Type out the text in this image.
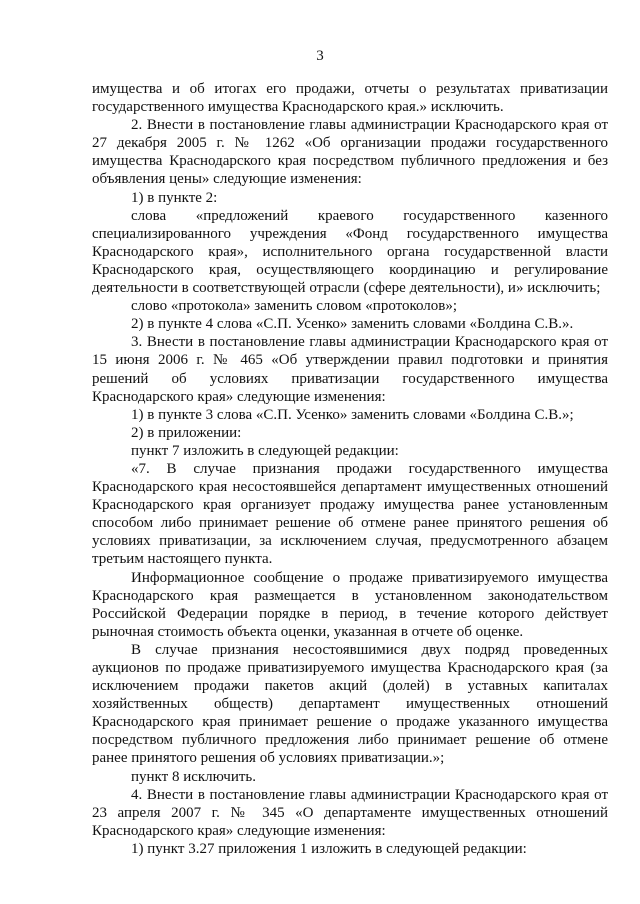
3

имущества и об итогах его продажи, отчеты о результатах приватизации государственного имущества Краснодарского края.» исключить.

2. Внести в постановление главы администрации Краснодарского края от 27 декабря 2005 г. № 1262 «Об организации продажи государственного имущества Краснодарского края посредством публичного предложения и без объявления цены» следующие изменения:

1) в пункте 2:

слова «предложений краевого государственного казенного специализированного учреждения «Фонд государственного имущества Краснодарского края», исполнительного органа государственной власти Краснодарского края, осуществляющего координацию и регулирование деятельности в соответствующей отрасли (сфере деятельности), и» исключить;

слово «протокола» заменить словом «протоколов»;

2) в пункте 4 слова «С.П. Усенко» заменить словами «Болдина С.В.».

3. Внести в постановление главы администрации Краснодарского края от 15 июня 2006 г. № 465 «Об утверждении правил подготовки и принятия решений об условиях приватизации государственного имущества Краснодарского края» следующие изменения:

1) в пункте 3 слова «С.П. Усенко» заменить словами «Болдина С.В.»;

2) в приложении:

пункт 7 изложить в следующей редакции:

«7. В случае признания продажи государственного имущества Краснодарского края несостоявшейся департамент имущественных отношений Краснодарского края организует продажу имущества ранее установленным способом либо принимает решение об отмене ранее принятого решения об условиях приватизации, за исключением случая, предусмотренного абзацем третьим настоящего пункта.

Информационное сообщение о продаже приватизируемого имущества Краснодарского края размещается в установленном законодательством Российской Федерации порядке в период, в течение которого действует рыночная стоимость объекта оценки, указанная в отчете об оценке.

В случае признания несостоявшимися двух подряд проведенных аукционов по продаже приватизируемого имущества Краснодарского края (за исключением продажи пакетов акций (долей) в уставных капиталах хозяйственных обществ) департамент имущественных отношений Краснодарского края принимает решение о продаже указанного имущества посредством публичного предложения либо принимает решение об отмене ранее принятого решения об условиях приватизации.»;

пункт 8 исключить.

4. Внести в постановление главы администрации Краснодарского края от 23 апреля 2007 г. № 345 «О департаменте имущественных отношений Краснодарского края» следующие изменения:

1) пункт 3.27 приложения 1 изложить в следующей редакции:
